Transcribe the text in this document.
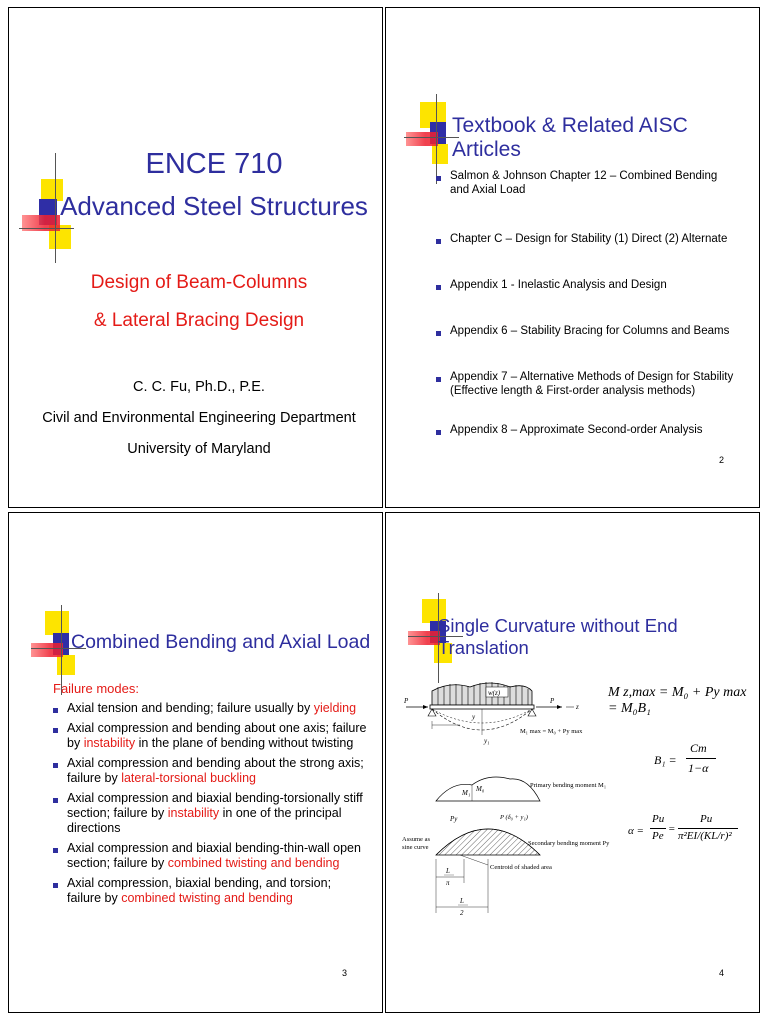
ENCE 710
Advanced Steel Structures
Design of Beam-Columns
& Lateral Bracing Design
C. C. Fu, Ph.D., P.E.
Civil and Environmental Engineering Department
University of Maryland
Textbook & Related AISC Articles
Salmon & Johnson Chapter 12 – Combined Bending and Axial Load
Chapter C – Design for Stability (1) Direct (2) Alternate
Appendix 1 - Inelastic Analysis and Design
Appendix 6 – Stability Bracing for Columns and Beams
Appendix 7 – Alternative Methods of Design for Stability (Effective length & First-order analysis methods)
Appendix 8 – Approximate Second-order Analysis
2
Combined Bending and Axial Load
Failure modes:
Axial tension and bending; failure usually by yielding
Axial compression and bending about one axis; failure by instability in the plane of bending without twisting
Axial compression and bending about the strong axis; failure by lateral-torsional buckling
Axial compression and biaxial bending-torsionally stiff section; failure by instability in one of the principal directions
Axial compression and biaxial bending-thin-wall open section; failure by combined twisting and bending
Axial compression, biaxial bending, and torsion; failure by combined twisting and bending
3
Single Curvature without End Translation
w(z)
P	P
z
y
y₁
M₁ max = M₀ + Py max
M₁ M₀	Primary bending moment M₁
Assume as
sine curve
Py	P (δ₀ + y₁)
Secondary bending moment Py
Centroid of shaded area
L
π
L
2
M z,max = M₀ + Py max = M₀B₁
B₁ =
Cm
1−α
α =
Pu
Pe
=
Pu
π²EI/(KL/r)²
4
